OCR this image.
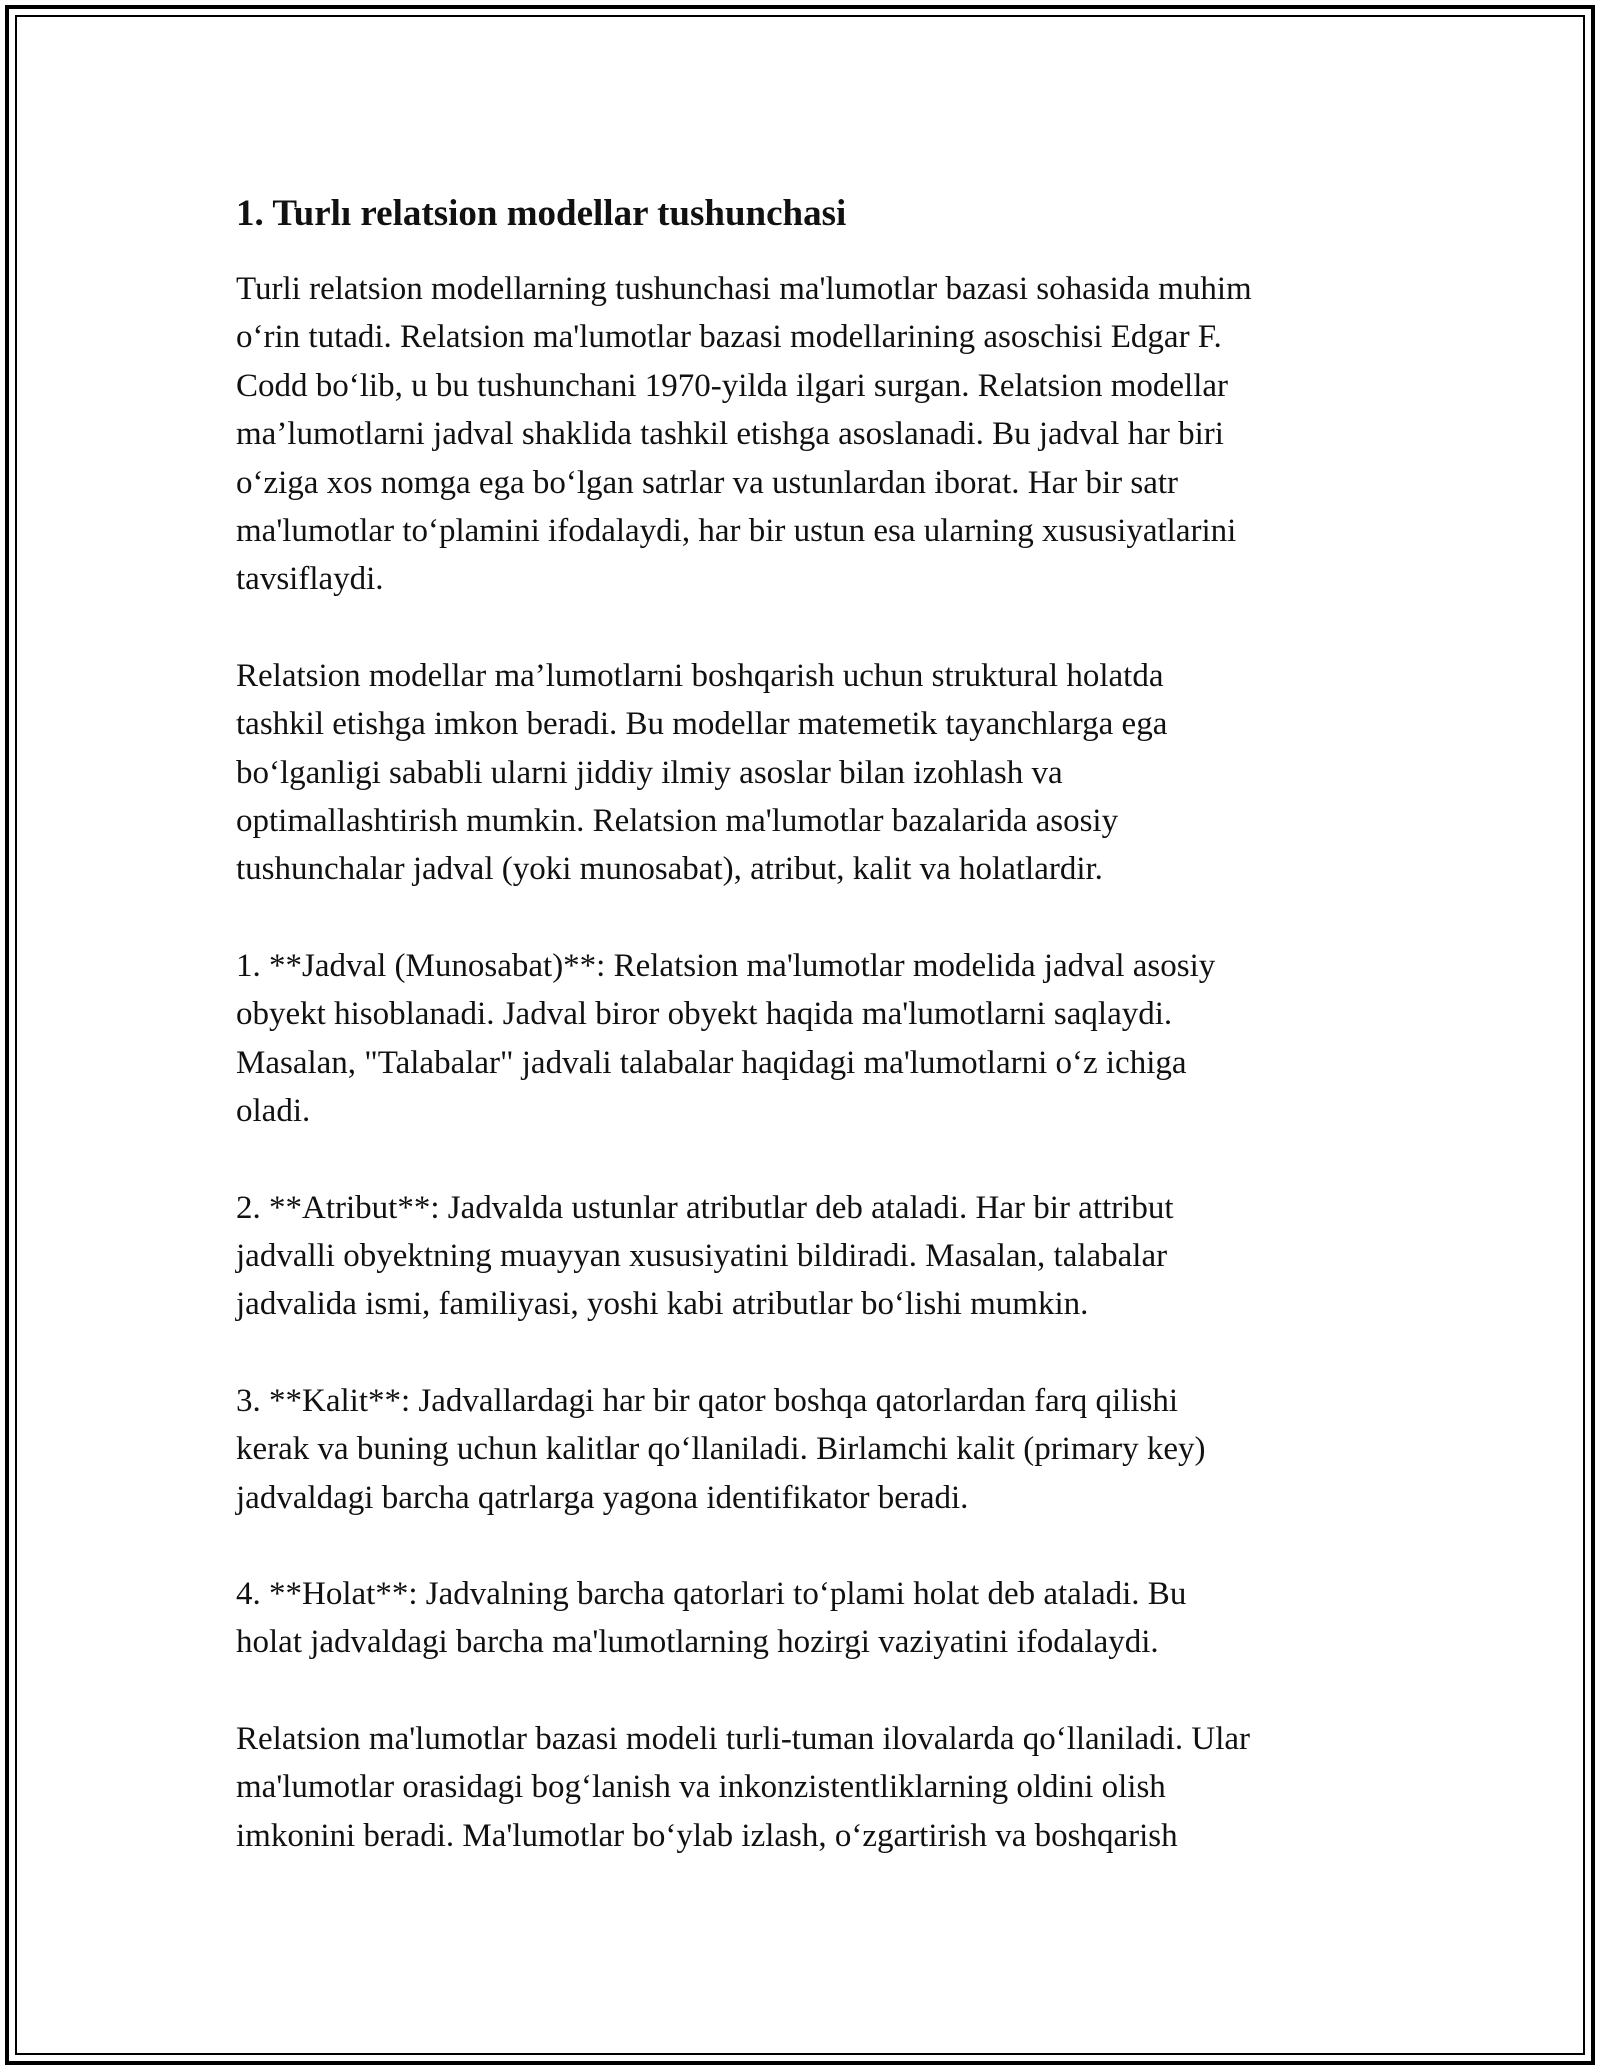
1. Turlı relatsion modellar tushunchasi

Turli relatsion modellarning tushunchasi ma'lumotlar bazasi sohasida muhim
o‘rin tutadi. Relatsion ma'lumotlar bazasi modellarining asoschisi Edgar F.
Codd bo‘lib, u bu tushunchani 1970-yilda ilgari surgan. Relatsion modellar
ma’lumotlarni jadval shaklida tashkil etishga asoslanadi. Bu jadval har biri
o‘ziga xos nomga ega bo‘lgan satrlar va ustunlardan iborat. Har bir satr
ma'lumotlar to‘plamini ifodalaydi, har bir ustun esa ularning xususiyatlarini
tavsiflaydi.

Relatsion modellar ma’lumotlarni boshqarish uchun struktural holatda
tashkil etishga imkon beradi. Bu modellar matemetik tayanchlarga ega
bo‘lganligi sababli ularni jiddiy ilmiy asoslar bilan izohlash va
optimallashtirish mumkin. Relatsion ma'lumotlar bazalarida asosiy
tushunchalar jadval (yoki munosabat), atribut, kalit va holatlardir.

1. **Jadval (Munosabat)**: Relatsion ma'lumotlar modelida jadval asosiy
obyekt hisoblanadi. Jadval biror obyekt haqida ma'lumotlarni saqlaydi.
Masalan, "Talabalar" jadvali talabalar haqidagi ma'lumotlarni o‘z ichiga
oladi.

2. **Atribut**: Jadvalda ustunlar atributlar deb ataladi. Har bir attribut
jadvalli obyektning muayyan xususiyatini bildiradi. Masalan, talabalar
jadvalida ismi, familiyasi, yoshi kabi atributlar bo‘lishi mumkin.

3. **Kalit**: Jadvallardagi har bir qator boshqa qatorlardan farq qilishi
kerak va buning uchun kalitlar qo‘llaniladi. Birlamchi kalit (primary key)
jadvaldagi barcha qatrlarga yagona identifikator beradi.

4. **Holat**: Jadvalning barcha qatorlari to‘plami holat deb ataladi. Bu
holat jadvaldagi barcha ma'lumotlarning hozirgi vaziyatini ifodalaydi.

Relatsion ma'lumotlar bazasi modeli turli-tuman ilovalarda qo‘llaniladi. Ular
ma'lumotlar orasidagi bog‘lanish va inkonzistentliklarning oldini olish
imkonini beradi. Ma'lumotlar bo‘ylab izlash, o‘zgartirish va boshqarish
